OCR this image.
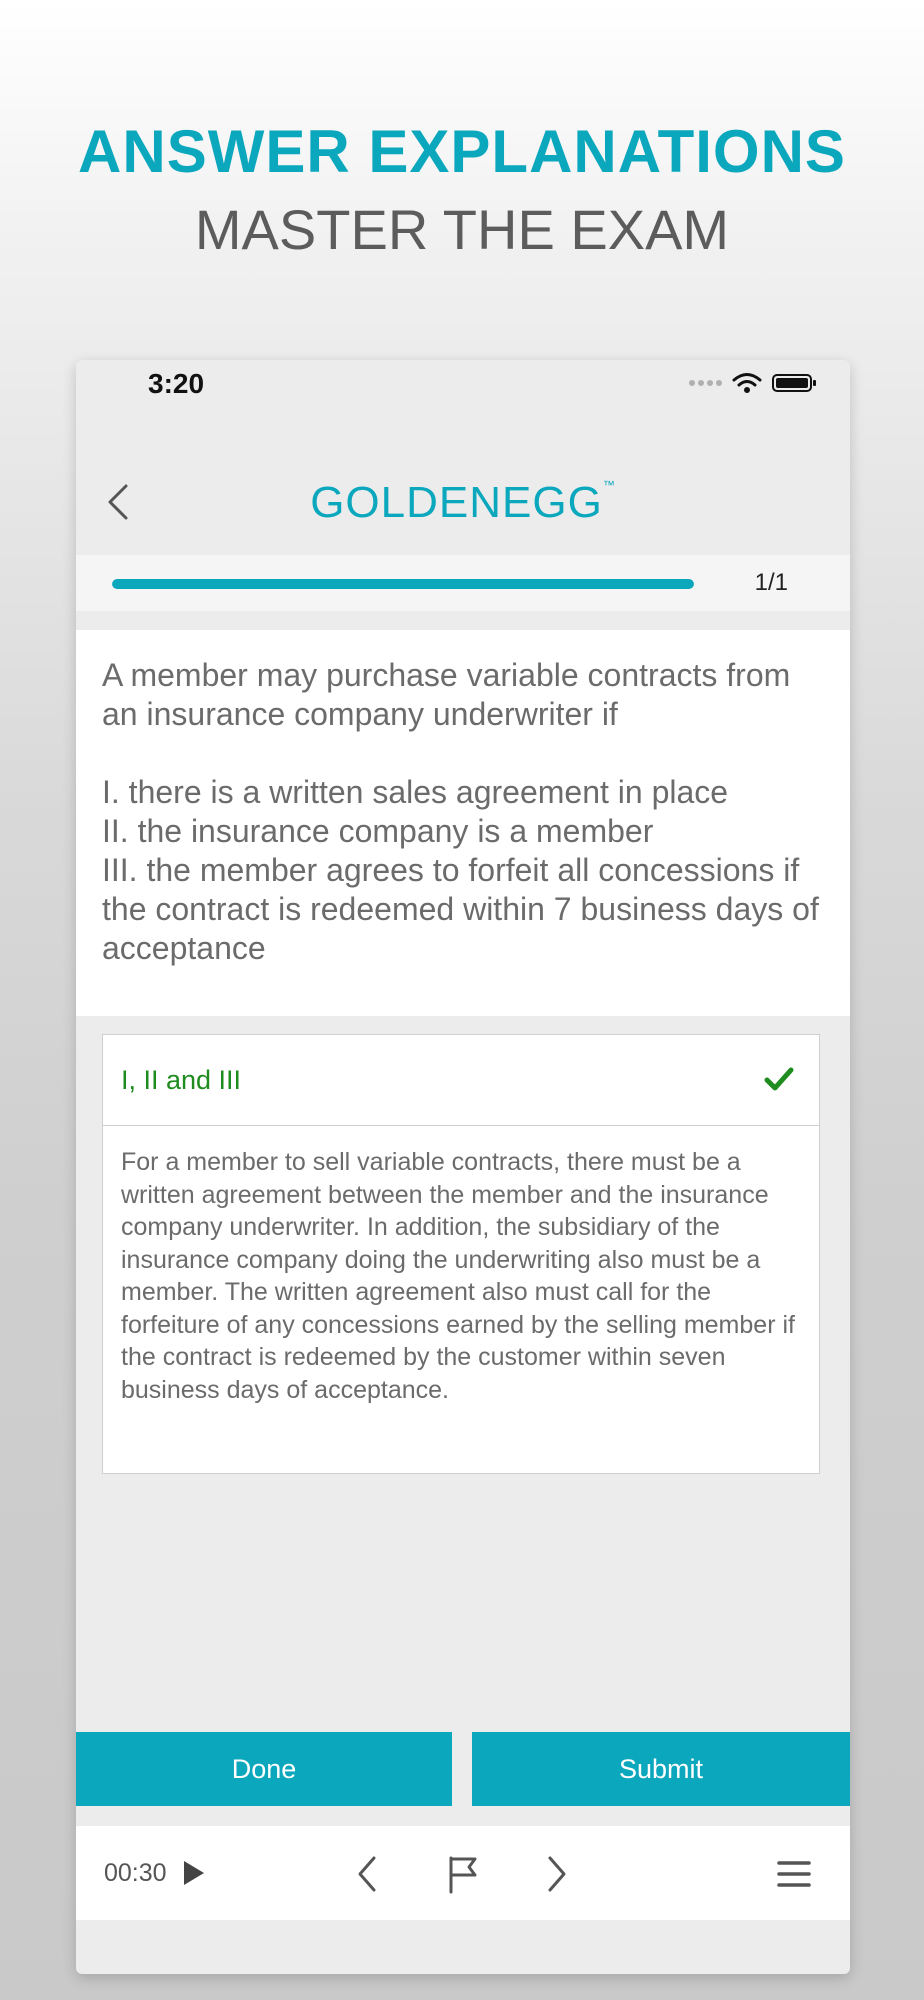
ANSWER EXPLANATIONS
MASTER THE EXAM
3:20
GOLDENEGG™
1/1

A member may purchase variable contracts from an insurance company underwriter if

I. there is a written sales agreement in place

II. the insurance company is a member

III. the member agrees to forfeit all concessions if the contract is redeemed within 7 business days of acceptance

I, II and III

For a member to sell variable contracts, there must be a written agreement between the member and the insurance company underwriter. In addition, the subsidiary of the insurance company doing the underwriting also must be a member. The written agreement also must call for the forfeiture of any concessions earned by the selling member if the contract is redeemed by the customer within seven business days of acceptance.

Done	Submit
00:30
